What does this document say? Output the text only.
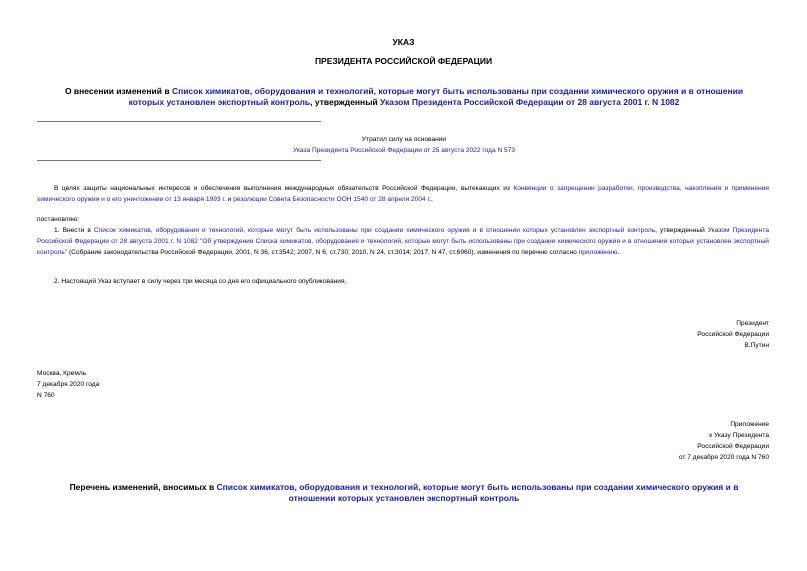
УКАЗ
ПРЕЗИДЕНТА РОССИЙСКОЙ ФЕДЕРАЦИИ
О внесении изменений в Список химикатов, оборудования и технологий, которые могут быть использованы при создании химического оружия и в отношении которых установлен экспортный контроль, утвержденный Указом Президента Российской Федерации от 28 августа 2001 г. N 1082
Утратил силу на основании
Указа Президента Российской Федерации от 25 августа 2022 года N 573
В целях защиты национальных интересов и обеспечения выполнения международных обязательств Российской Федерации, вытекающих из Конвенции о запрещении разработки, производства, накопления и применения химического оружия и о его уничтожении от 13 января 1993 г. и резолюции Совета Безопасности ООН 1540 от 28 апреля 2004 г.,
постановляю:
1. Внести в Список химикатов, оборудования и технологий, которые могут быть использованы при создании химического оружия и в отношении которых установлен экспортный контроль, утвержденный Указом Президента Российской Федерации от 28 августа 2001 г. N 1082 "Об утверждении Списка химикатов, оборудования и технологий, которые могут быть использованы при создании химического оружия и в отношении которых установлен экспортный контроль" (Собрание законодательства Российской Федерации, 2001, N 36, ст.3542; 2007, N 6, ст.730; 2010, N 24, ст.3014; 2017, N 47, ст.6960), изменения по перечню согласно приложению.
2. Настоящий Указ вступает в силу через три месяца со дня его официального опубликования.
Президент
Российской Федерации
В.Путин
Москва, Кремль
7 декабря 2020 года
N 760
Приложение
к Указу Президента
Российской Федерации
от 7 декабря 2020 года N 760
Перечень изменений, вносимых в Список химикатов, оборудования и технологий, которые могут быть использованы при создании химического оружия и в отношении которых установлен экспортный контроль
